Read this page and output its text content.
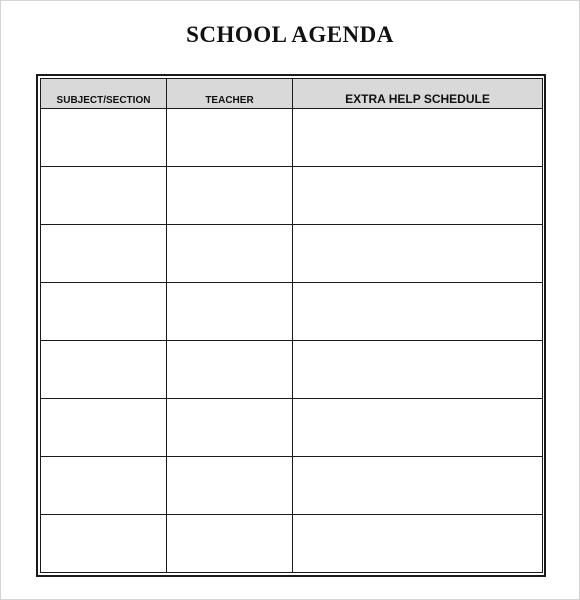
SCHOOL AGENDA
SUBJECT/SECTION	TEACHER	EXTRA HELP SCHEDULE
